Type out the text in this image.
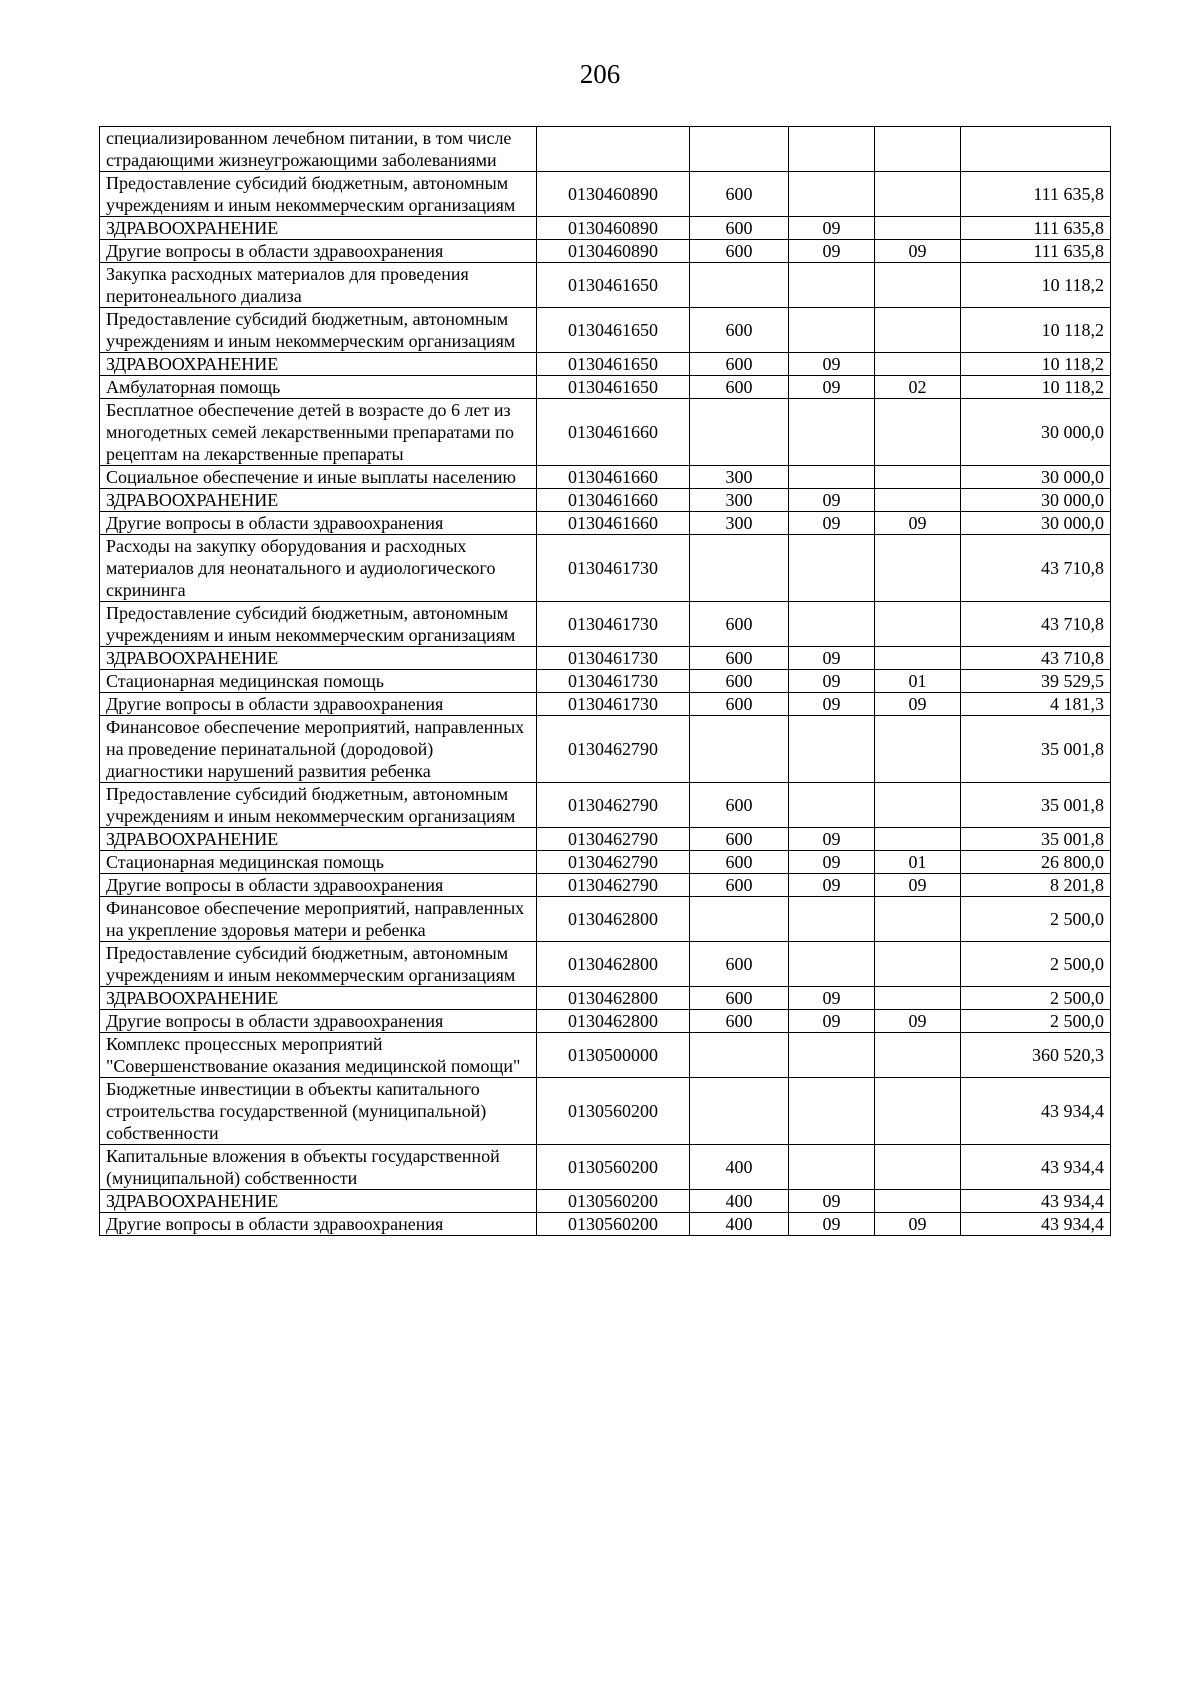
206
специализированном лечебном питании, в том числе страдающими жизнеугрожающими заболеваниями					
Предоставление субсидий бюджетным, автономным учреждениям и иным некоммерческим организациям	0130460890	600			111 635,8
ЗДРАВООХРАНЕНИЕ	0130460890	600	09		111 635,8
Другие вопросы в области здравоохранения	0130460890	600	09	09	111 635,8
Закупка расходных материалов для проведения перитонеального диализа	0130461650				10 118,2
Предоставление субсидий бюджетным, автономным учреждениям и иным некоммерческим организациям	0130461650	600			10 118,2
ЗДРАВООХРАНЕНИЕ	0130461650	600	09		10 118,2
Амбулаторная помощь	0130461650	600	09	02	10 118,2
Бесплатное обеспечение детей в возрасте до 6 лет из многодетных семей лекарственными препаратами по рецептам на лекарственные препараты	0130461660				30 000,0
Социальное обеспечение и иные выплаты населению	0130461660	300			30 000,0
ЗДРАВООХРАНЕНИЕ	0130461660	300	09		30 000,0
Другие вопросы в области здравоохранения	0130461660	300	09	09	30 000,0
Расходы на закупку оборудования и расходных материалов для неонатального и аудиологического скрининга	0130461730				43 710,8
Предоставление субсидий бюджетным, автономным учреждениям и иным некоммерческим организациям	0130461730	600			43 710,8
ЗДРАВООХРАНЕНИЕ	0130461730	600	09		43 710,8
Стационарная медицинская помощь	0130461730	600	09	01	39 529,5
Другие вопросы в области здравоохранения	0130461730	600	09	09	4 181,3
Финансовое обеспечение мероприятий, направленных на проведение перинатальной (дородовой) диагностики нарушений развития ребенка	0130462790				35 001,8
Предоставление субсидий бюджетным, автономным учреждениям и иным некоммерческим организациям	0130462790	600			35 001,8
ЗДРАВООХРАНЕНИЕ	0130462790	600	09		35 001,8
Стационарная медицинская помощь	0130462790	600	09	01	26 800,0
Другие вопросы в области здравоохранения	0130462790	600	09	09	8 201,8
Финансовое обеспечение мероприятий, направленных на укрепление здоровья матери и ребенка	0130462800				2 500,0
Предоставление субсидий бюджетным, автономным учреждениям и иным некоммерческим организациям	0130462800	600			2 500,0
ЗДРАВООХРАНЕНИЕ	0130462800	600	09		2 500,0
Другие вопросы в области здравоохранения	0130462800	600	09	09	2 500,0
Комплекс процессных мероприятий "Совершенствование оказания медицинской помощи"	0130500000				360 520,3
Бюджетные инвестиции в объекты капитального строительства государственной (муниципальной) собственности	0130560200				43 934,4
Капитальные вложения в объекты государственной (муниципальной) собственности	0130560200	400			43 934,4
ЗДРАВООХРАНЕНИЕ	0130560200	400	09		43 934,4
Другие вопросы в области здравоохранения	0130560200	400	09	09	43 934,4
